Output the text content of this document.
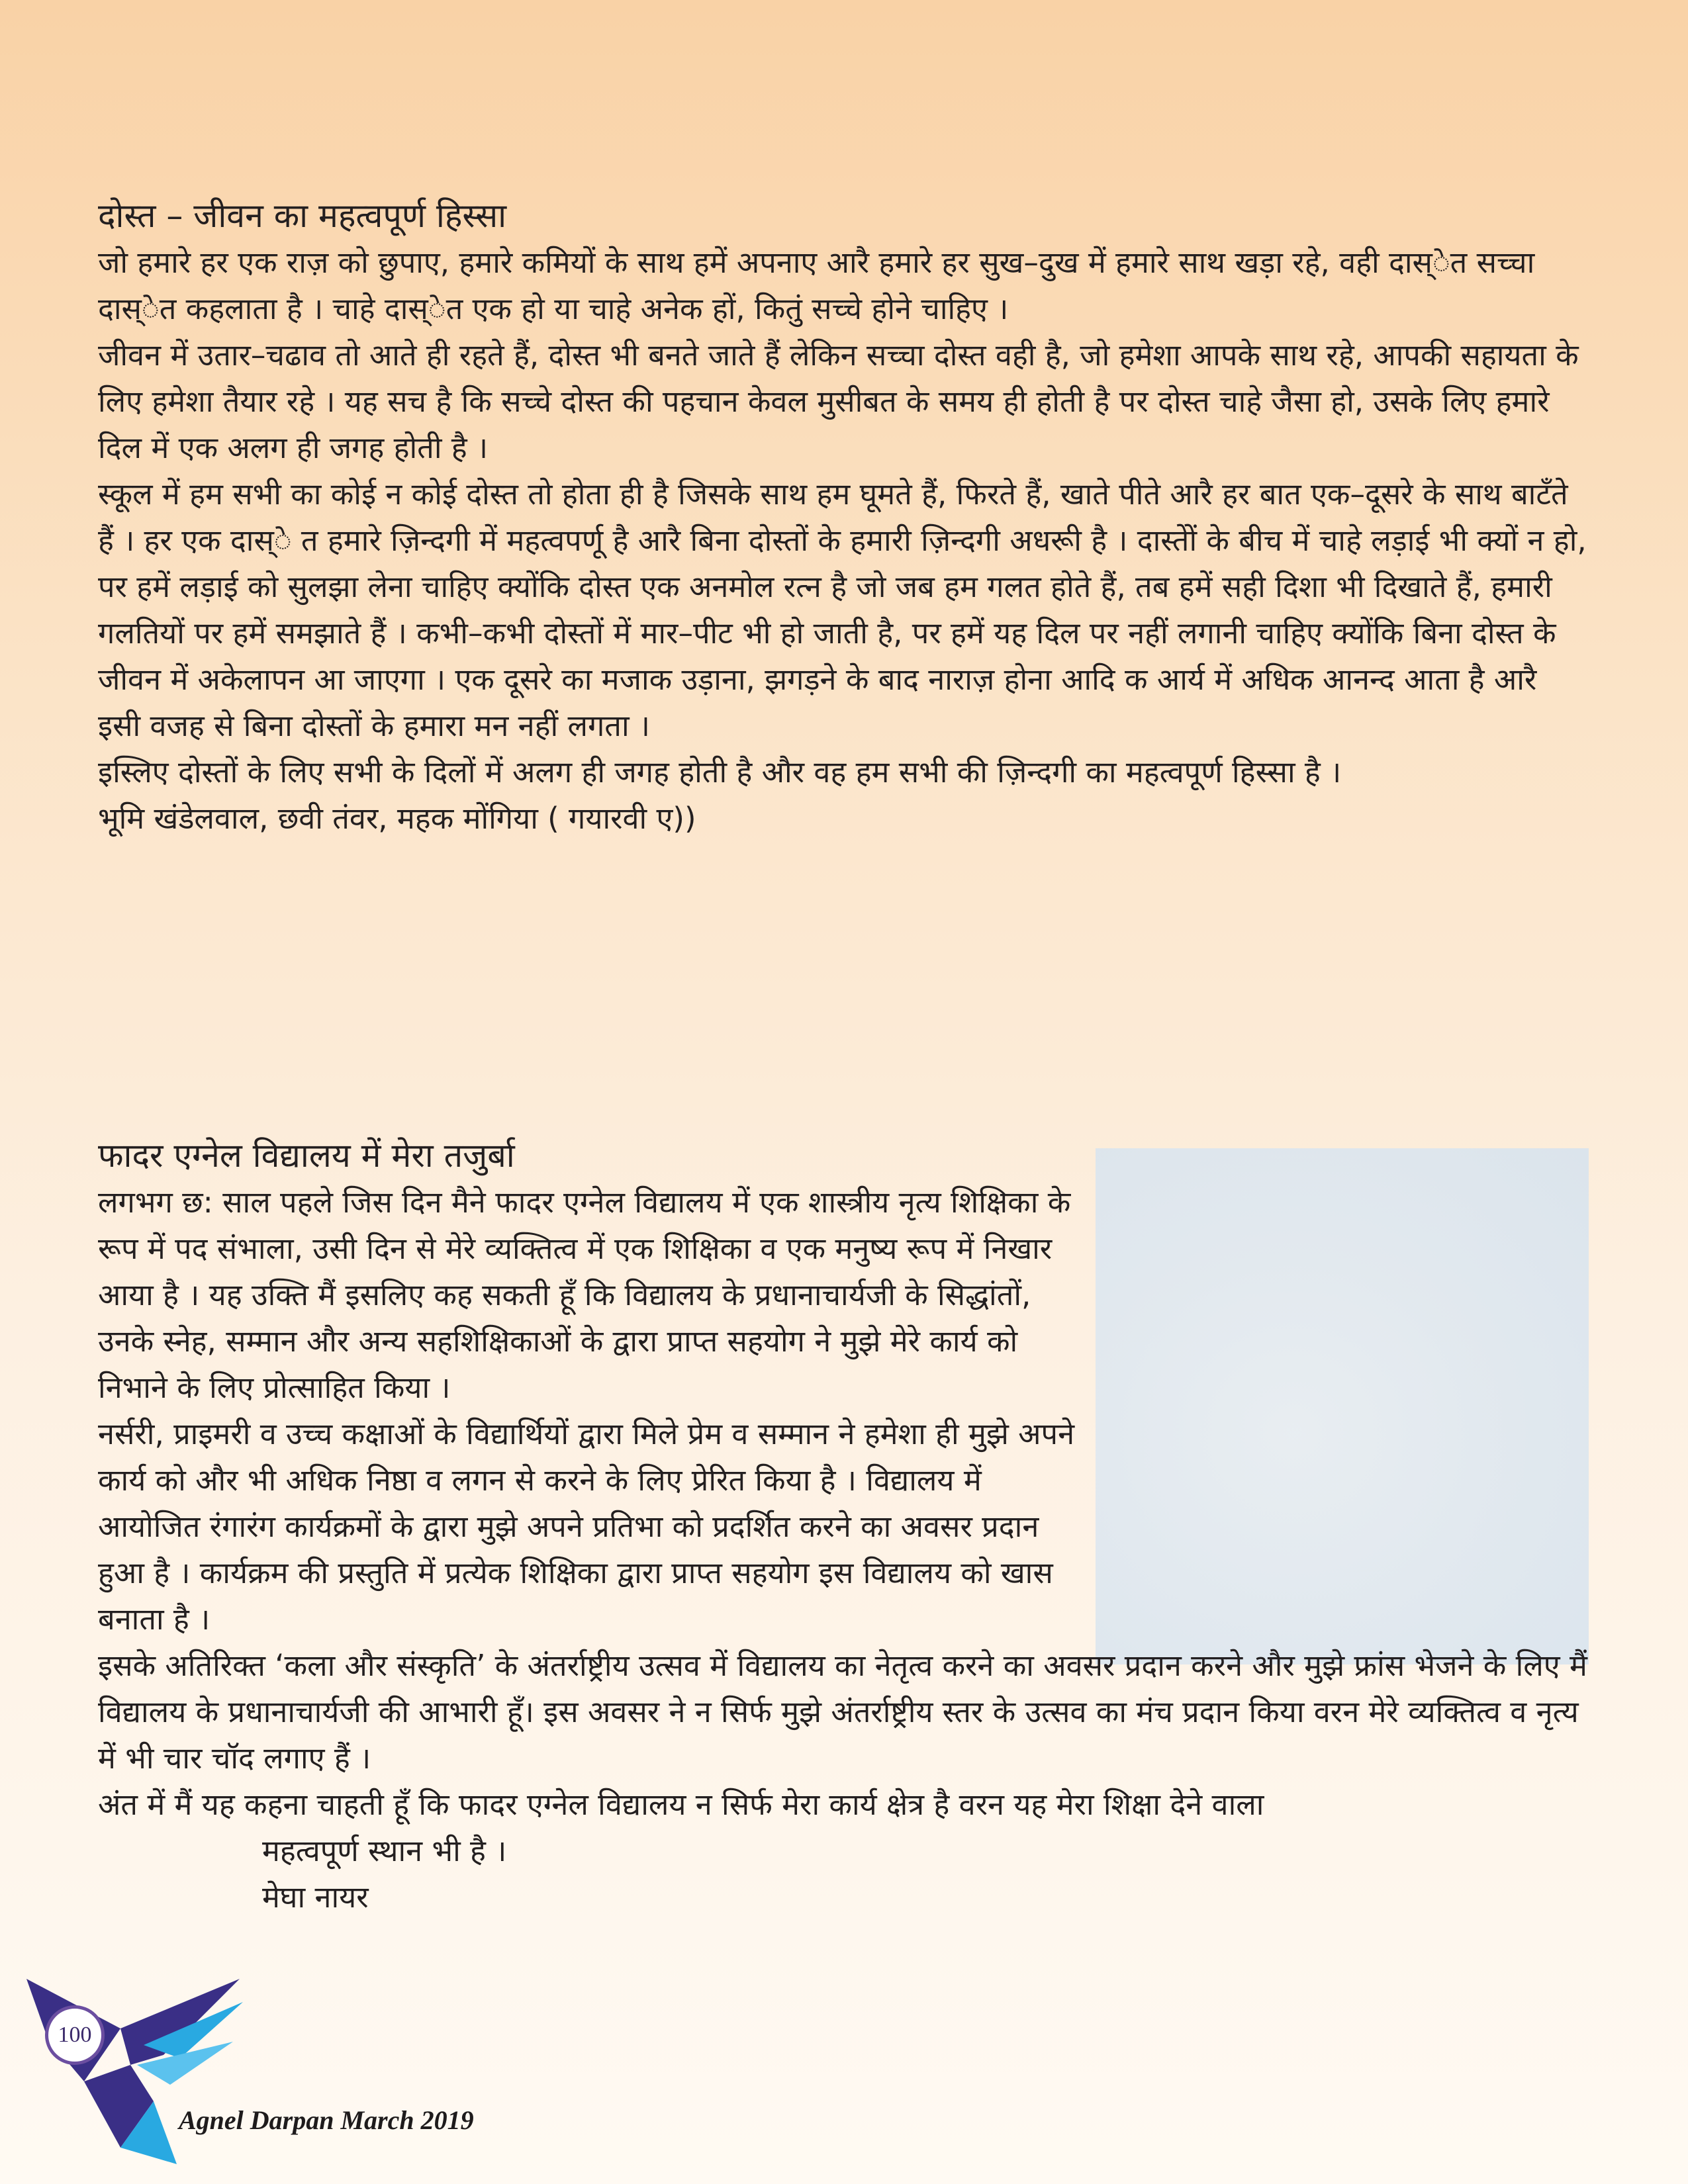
दोस्त – जीवन का महत्वपूर्ण हिस्सा

जो हमारे हर एक राज़ को छुपाए, हमारे कमियों के साथ हमें अपनाए आरै हमारे हर सुख–दुख में हमारे साथ खड़ा रहे, वही दास्ेत सच्चा दास्ेत कहलाता है । चाहे दास्ेत एक हो या चाहे अनेक हों, कितुं सच्चे होने चाहिए ।

जीवन में उतार–चढाव तो आते ही रहते हैं, दोस्त भी बनते जाते हैं लेकिन सच्चा दोस्त वही है, जो हमेशा आपके साथ रहे, आपकी सहायता के लिए हमेशा तैयार रहे । यह सच है कि सच्चे दोस्त की पहचान केवल मुसीबत के समय ही होती है पर दोस्त चाहे जैसा हो, उसके लिए हमारे दिल में एक अलग ही जगह होती है ।

स्कूल में हम सभी का कोई न कोई दोस्त तो होता ही है जिसके साथ हम घूमते हैं, फिरते हैं, खाते पीते आरै हर बात एक–दूसरे के साथ बाटँते हैं । हर एक दास्े त हमारे ज़िन्दगी में महत्वपर्णू है आरै बिना दोस्तों के हमारी ज़िन्दगी अधरूी है । दास्तेों के बीच में चाहे लड़ाई भी क्यों न हो, पर हमें लड़ाई को सुलझा लेना चाहिए क्योंकि दोस्त एक अनमोल रत्न है जो जब हम गलत होते हैं, तब हमें सही दिशा भी दिखाते हैं, हमारी गलतियों पर हमें समझाते हैं । कभी–कभी दोस्तों में मार–पीट भी हो जाती है, पर हमें यह दिल पर नहीं लगानी चाहिए क्योंकि बिना दोस्त के जीवन में अकेलापन आ जाएगा । एक दूसरे का मजाक उड़ाना, झगड़ने के बाद नाराज़ होना आदि क आर्य में अधिक आनन्द आता है आरै इसी वजह से बिना दोस्तों के हमारा मन नहीं लगता ।

इस्लिए दोस्तों के लिए सभी के दिलों में अलग ही जगह होती है और वह हम सभी की ज़िन्दगी का महत्वपूर्ण हिस्सा है ।

भूमि खंडेलवाल, छवी तंवर, महक मोंगिया ( गयारवी ए))

फादर एग्नेल विद्यालय में मेरा तजुर्बा

लगभग छ: साल पहले जिस दिन मैने फादर एग्नेल विद्यालय में एक शास्त्रीय नृत्य शिक्षिका के रूप में पद संभाला, उसी दिन से मेरे व्यक्तित्व में एक शिक्षिका व एक मनुष्य रूप में निखार आया है । यह उक्ति मैं इसलिए कह सकती हूँ कि विद्यालय के प्रधानाचार्यजी के सिद्धांतों, उनके स्नेह, सम्मान और अन्य सहशिक्षिकाओं के द्वारा प्राप्त सहयोग ने मुझे मेरे कार्य को निभाने के लिए प्रोत्साहित किया ।

नर्सरी, प्राइमरी व उच्च कक्षाओं के विद्यार्थियों द्वारा मिले प्रेम व सम्मान ने हमेशा ही मुझे अपने कार्य को और भी अधिक निष्ठा व लगन से करने के लिए प्रेरित किया है । विद्यालय में आयोजित रंगारंग कार्यक्रमों के द्वारा मुझे अपने प्रतिभा को प्रदर्शित करने का अवसर प्रदान हुआ है । कार्यक्रम की प्रस्तुति में प्रत्येक शिक्षिका द्वारा प्राप्त सहयोग इस विद्यालय को खास बनाता है ।

इसके अतिरिक्त ‘कला और संस्कृति’ के अंतर्राष्ट्रीय उत्सव में विद्यालय का नेतृत्व करने का अवसर प्रदान करने और मुझे फ्रांस भेजने के लिए मैं विद्यालय के प्रधानाचार्यजी की आभारी हूँ। इस अवसर ने न सिर्फ मुझे अंतर्राष्ट्रीय स्तर के उत्सव का मंच प्रदान किया वरन मेरे व्यक्तित्व व नृत्य में भी चार चॉद लगाए हैं ।

अंत में मैं यह कहना चाहती हूँ कि फादर एग्नेल विद्यालय न सिर्फ मेरा कार्य क्षेत्र है वरन यह मेरा शिक्षा देने वाला

महत्वपूर्ण स्थान भी है ।

मेघा नायर

100
Agnel Darpan March 2019
